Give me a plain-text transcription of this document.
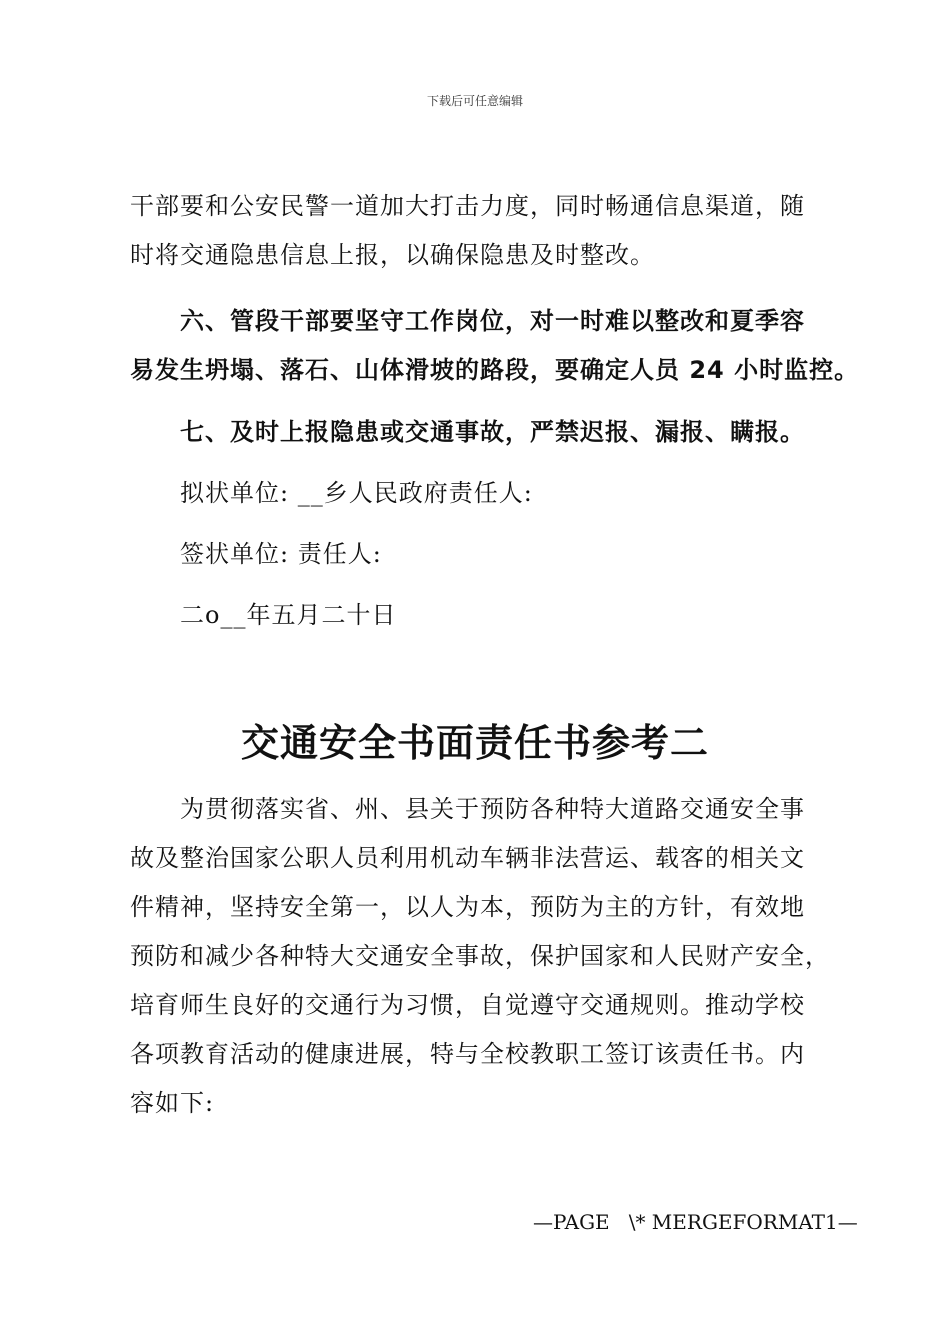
下载后可任意编辑
干部要和公安民警一道加大打击力度，同时畅通信息渠道，随
时将交通隐患信息上报，以确保隐患及时整改。
六、管段干部要坚守工作岗位，对一时难以整改和夏季容
易发生坍塌、落石、山体滑坡的路段，要确定人员 24 小时监控。
七、及时上报隐患或交通事故，严禁迟报、漏报、瞒报。
拟状单位: __乡人民政府责任人:
签状单位: 责任人:
二o__年五月二十日
交通安全书面责任书参考二
为贯彻落实省、州、县关于预防各种特大道路交通安全事
故及整治国家公职人员利用机动车辆非法营运、载客的相关文
件精神，坚持安全第一，以人为本，预防为主的方针，有效地
预防和减少各种特大交通安全事故，保护国家和人民财产安全，
培育师生良好的交通行为习惯，自觉遵守交通规则。推动学校
各项教育活动的健康进展，特与全校教职工签订该责任书。内
容如下:
—PAGE   \* MERGEFORMAT1—
